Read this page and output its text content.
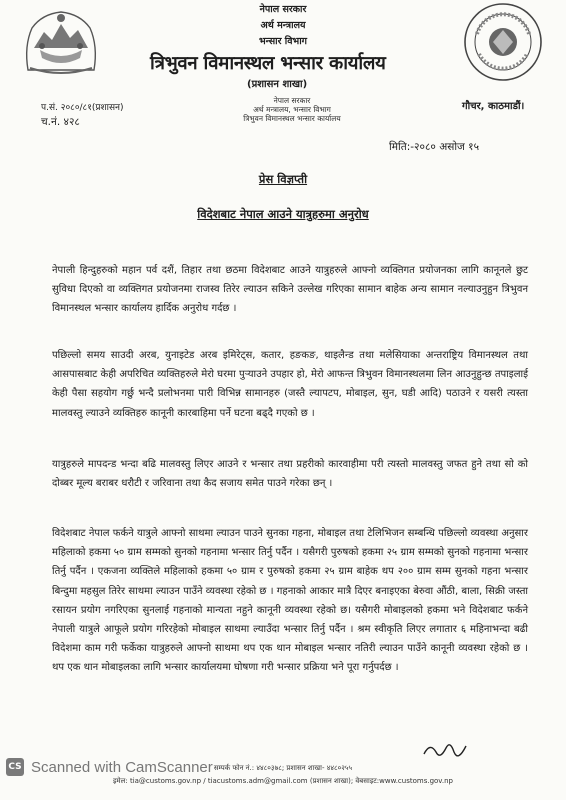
नेपाल सरकार
अर्थ मन्त्रालय
भन्सार विभाग
त्रिभुवन विमानस्थल भन्सार कार्यालय
(प्रशासन शाखा)
नेपाल सरकार
अर्थ मन्त्रालय, भन्सार विभाग
त्रिभुवन विमानस्थल भन्सार कार्यालय
प.सं. २०८०/८१(प्रशासन)
च.नं. ४२८
गौचर, काठमाडौं।
मिति:-२०८० असोज १५
प्रेस विज्ञप्ती
विदेशबाट नेपाल आउने यात्रुहरुमा अनुरोध
नेपाली हिन्दुहरुको महान पर्व दशैं, तिहार तथा छठमा विदेशबाट आउने यात्रुहरुले आफ्नो व्यक्तिगत प्रयोजनका लागि कानूनले छुट सुविधा दिएको वा व्यक्तिगत प्रयोजनमा राजस्व तिरेर ल्याउन सकिने उल्लेख गरिएका सामान बाहेक अन्य सामान नल्याउनुहुन त्रिभुवन विमानस्थल भन्सार कार्यालय हार्दिक अनुरोध गर्दछ ।
पछिल्लो समय साउदी अरब, युनाइटेड अरब इमिरेट्स, कतार, हङकङ, थाइलैन्ड तथा मलेसियाका अन्तराष्ट्रिय विमानस्थल तथा आसपासबाट केही अपरिचित व्यक्तिहरुले मेरो घरमा पुऱ्याउने उपहार हो, मेरो आफन्त त्रिभुवन विमानस्थलमा लिन आउनुहुन्छ तपाइलाई केही पैसा सहयोग गर्छु भन्दै प्रलोभनमा पारी विभिन्न सामानहरु (जस्तै ल्यापटप, मोबाइल, सुन, घडी आदि) पठाउने र यसरी त्यस्ता मालवस्तु ल्याउने व्यक्तिहरु कानूनी कारबाहिमा पर्ने घटना बढ्दै गएको छ ।
यात्रुहरुले मापदन्ड भन्दा बढि मालवस्तु लिएर आउने र भन्सार तथा प्रहरीको कारवाहीमा परी त्यस्तो मालवस्तु जफत हुने तथा सो को दोब्बर मूल्य बराबर धरौटी र जरिवाना तथा कैद सजाय समेत पाउने गरेका छन् ।
विदेशबाट नेपाल फर्कने यात्रुले आफ्नो साथमा ल्याउन पाउने सुनका गहना, मोबाइल तथा टेलिभिजन सम्बन्धि पछिल्लो व्यवस्था अनुसार महिलाको हकमा ५० ग्राम सम्मको सुनको गहनामा भन्सार तिर्नु पर्दैन । यसैगरी पुरुषको हकमा २५ ग्राम सम्मको सुनको गहनामा भन्सार तिर्नु पर्दैन । एकजना व्यक्तिले महिलाको हकमा ५० ग्राम र पुरुषको हकमा २५ ग्राम बाहेक थप २०० ग्राम सम्म सुनको गहना भन्सार बिन्दुमा महसुल तिरेर साथमा ल्याउन पाउँने व्यवस्था रहेको छ । गहनाको आकार मात्रै दिएर बनाइएका बेरुवा औंठी, बाला, सिक्री जस्ता रसायन प्रयोग नगरिएका सुनलाई गहनाको मान्यता नहुने कानूनी व्यवस्था रहेको छ। यसैगरी मोबाइलको हकमा भने विदेशबाट फर्कने नेपाली यात्रुले आफूले प्रयोग गरिरहेको मोबाइल साथमा ल्याउँदा भन्सार तिर्नु पर्दैन । श्रम स्वीकृति लिएर लगातार ६ महिनाभन्दा बढी विदेशमा काम गरी फर्केका यात्रुहरुले आफ्नो साथमा थप एक थान मोबाइल भन्सार नतिरी ल्याउन पाउँने कानूनी व्यवस्था रहेको छ । थप एक थान मोबाइलका लागि भन्सार कार्यालयमा घोषणा गरी भन्सार प्रक्रिया भने पूरा गर्नुपर्दछ ।
सम्पर्क फोन नं.: ४४८०३७८; प्रशासन शाखा- ४४८०२५५
इमेल: tia@customs.gov.np / tiacustoms.adm@gmail.com (प्रशासन शाखा); वेबसाइट:www.customs.gov.np
CS Scanned with CamScanner
